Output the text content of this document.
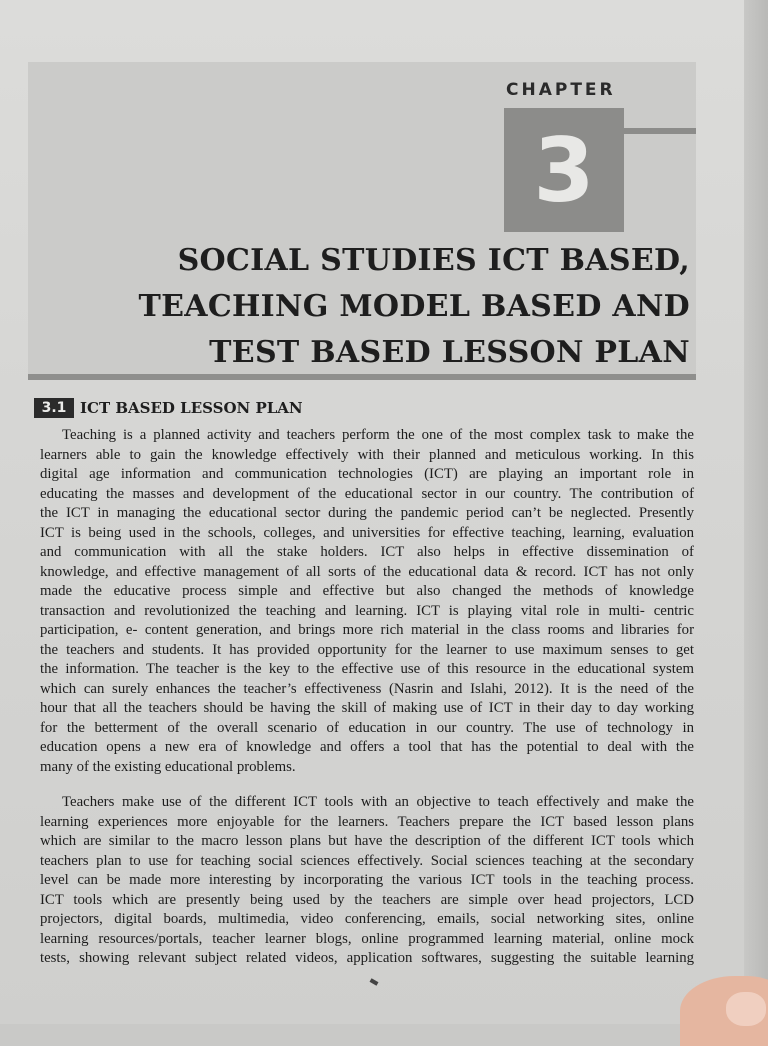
CHAPTER
3
SOCIAL STUDIES ICT BASED,
TEACHING MODEL BASED AND
TEST BASED LESSON PLAN
3.1 ICT BASED LESSON PLAN
Teaching is a planned activity and teachers perform the one of the most complex task to make the
learners able to gain the knowledge effectively with their planned and meticulous working. In this
digital age information and communication technologies (ICT) are playing an important role in
educating the masses and development of the educational sector in our country. The contribution of
the ICT in managing the educational sector during the pandemic period can’t be neglected. Presently
ICT is being used in the schools, colleges, and universities for effective teaching, learning, evaluation
and communication with all the stake holders. ICT also helps in effective dissemination of
knowledge, and effective management of all sorts of the educational data & record. ICT has not only
made the educative process simple and effective but also changed the methods of knowledge
transaction and revolutionized the teaching and learning. ICT is playing vital role in multi- centric
participation, e- content generation, and brings more rich material in the class rooms and libraries for
the teachers and students. It has provided opportunity for the learner to use maximum senses to get
the information. The teacher is the key to the effective use of this resource in the educational system
which can surely enhances the teacher’s effectiveness (Nasrin and Islahi, 2012). It is the need of the
hour that all the teachers should be having the skill of making use of ICT in their day to day working
for the betterment of the overall scenario of education in our country. The use of technology in
education opens a new era of knowledge and offers a tool that has the potential to deal with the
many of the existing educational problems.
Teachers make use of the different ICT tools with an objective to teach effectively and make the
learning experiences more enjoyable for the learners. Teachers prepare the ICT based lesson plans
which are similar to the macro lesson plans but have the description of the different ICT tools which
teachers plan to use for teaching social sciences effectively. Social sciences teaching at the secondary
level can be made more interesting by incorporating the various ICT tools in the teaching process.
ICT tools which are presently being used by the teachers are simple over head projectors, LCD
projectors, digital boards, multimedia, video conferencing, emails, social networking sites, online
learning resources/portals, teacher learner blogs, online programmed learning material, online mock
tests, showing relevant subject related videos, application softwares, suggesting the suitable learning
